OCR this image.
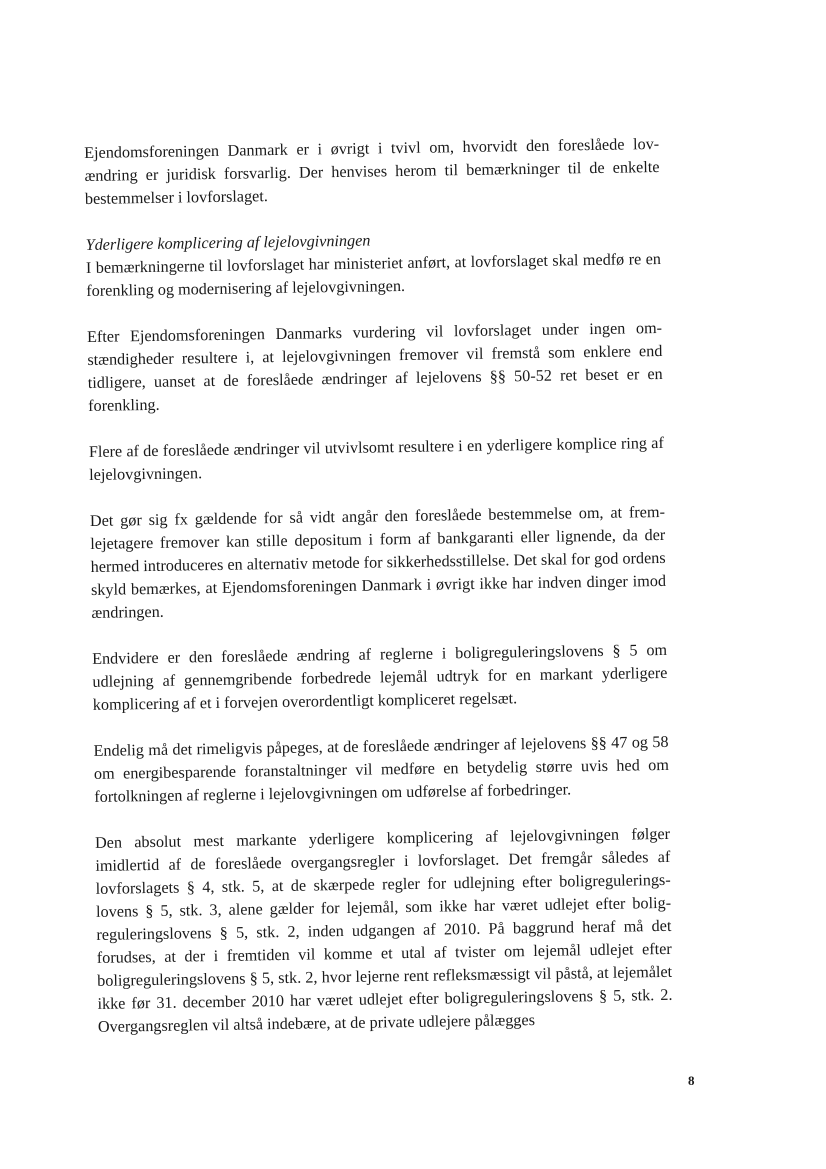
Ejendomsforeningen Danmark er i øvrigt i tvivl om, hvorvidt den foreslåede lov ændring er juridisk forsvarlig. Der henvises herom til bemærkninger til de enkelte bestemmelser i lovforslaget.

Yderligere komplicering af lejelovgivningen

I bemærkningerne til lovforslaget har ministeriet anført, at lovforslaget skal medfø re en forenkling og modernisering af lejelovgivningen.

Efter Ejendomsforeningen Danmarks vurdering vil lovforslaget under ingen om stændigheder resultere i, at lejelovgivningen fremover vil fremstå som enklere end tidligere, uanset at de foreslåede ændringer af lejelovens §§ 50-52 ret beset er en forenkling.

Flere af de foreslåede ændringer vil utvivlsomt resultere i en yderligere komplice ring af lejelovgivningen.

Det gør sig fx gældende for så vidt angår den foreslåede bestemmelse om, at frem lejetagere fremover kan stille depositum i form af bankgaranti eller lignende, da der hermed introduceres en alternativ metode for sikkerhedsstillelse. Det skal for god ordens skyld bemærkes, at Ejendomsforeningen Danmark i øvrigt ikke har indven dinger imod ændringen.

Endvidere er den foreslåede ændring af reglerne i boligreguleringslovens § 5 om udlejning af gennemgribende forbedrede lejemål udtryk for en markant yderligere komplicering af et i forvejen overordentligt kompliceret regelsæt.

Endelig må det rimeligvis påpeges, at de foreslåede ændringer af lejelovens §§ 47 og 58 om energibesparende foranstaltninger vil medføre en betydelig større uvis hed om fortolkningen af reglerne i lejelovgivningen om udførelse af forbedringer.

Den absolut mest markante yderligere komplicering af lejelovgivningen følger imidlertid af de foreslåede overgangsregler i lovforslaget. Det fremgår således af lovforslagets § 4, stk. 5, at de skærpede regler for udlejning efter boligregulerings lovens § 5, stk. 3, alene gælder for lejemål, som ikke har været udlejet efter bolig reguleringslovens § 5, stk. 2, inden udgangen af 2010. På baggrund heraf må det forudses, at der i fremtiden vil komme et utal af tvister om lejemål udlejet efter boligreguleringslovens § 5, stk. 2, hvor lejerne rent refleksmæssigt vil påstå, at lejemålet ikke før 31. december 2010 har været udlejet efter boligreguleringslovens § 5, stk. 2. Overgangsreglen vil altså indebære, at de private udlejere pålægges

8
